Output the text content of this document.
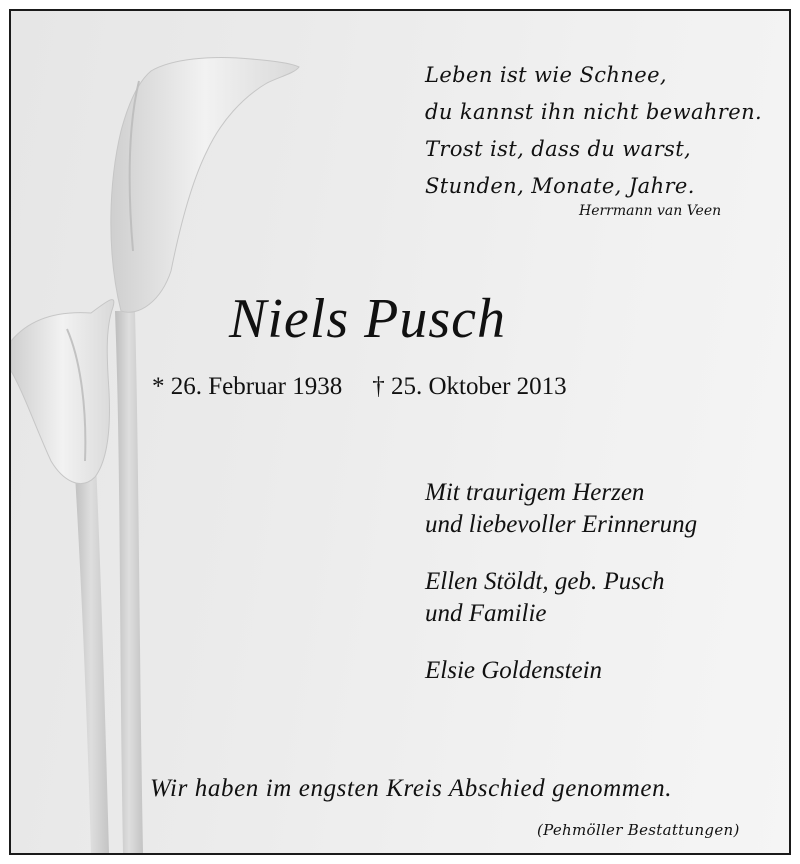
Leben ist wie Schnee,
du kannst ihn nicht bewahren.
Trost ist, dass du warst,
Stunden, Monate, Jahre.
Herrmann van Veen
Niels Pusch
* 26. Februar 1938 † 25. Oktober 2013
Mit traurigem Herzen
und liebevoller Erinnerung
Ellen Stöldt, geb. Pusch
und Familie
Elsie Goldenstein
Wir haben im engsten Kreis Abschied genommen.
(Pehmöller Bestattungen)
